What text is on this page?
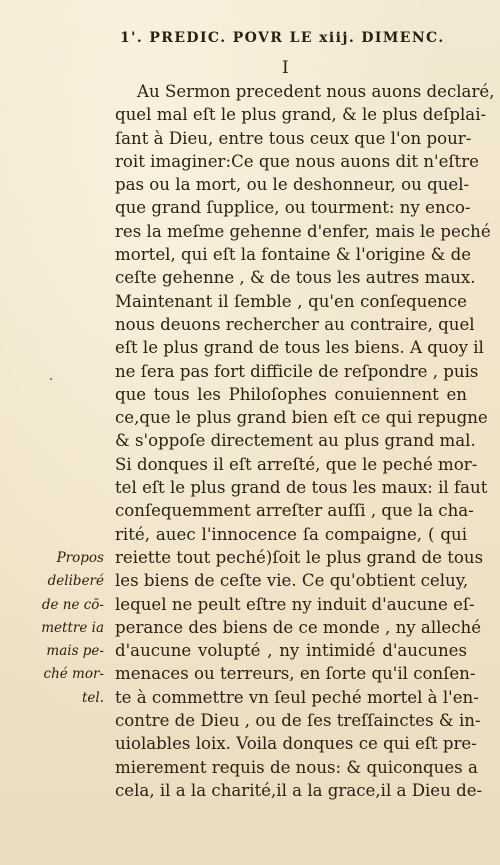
1'. PREDIC. POVR LE xiij. DIMENC.
I
Au Sermon precedent nous auons declaré,
quel mal eſt le plus grand, & le plus deſplai-
ſant à Dieu, entre tous ceux que l'on pour-
roit imaginer:Ce que nous auons dit n'eſtre
pas ou la mort, ou le deshonneur, ou quel-
que grand ſupplice, ou tourment: ny enco-
res la meſme gehenne d'enfer, mais le peché
mortel, qui eſt la fontaine & l'origine & de
ceſte gehenne , & de tous les autres maux.
Maintenant il ſemble , qu'en conſequence
nous deuons rechercher au contraire, quel
eſt le plus grand de tous les biens. A quoy il
ne ſera pas fort difficile de reſpondre , puis
que tous les Philoſophes conuiennent en
ce,que le plus grand bien eſt ce qui repugne
& s'oppoſe directement au plus grand mal.
Si donques il eſt arreſté, que le peché mor-
tel eſt le plus grand de tous les maux: il faut
conſequemment arreſter auſſi , que la cha-
rité, auec l'innocence ſa compaigne, ( qui
reiette tout peché)ſoit le plus grand de tous
les biens de ceſte vie. Ce qu'obtient celuy,
lequel ne peult eſtre ny induit d'aucune eſ-
perance des biens de ce monde , ny alleché
d'aucune volupté , ny intimidé d'aucunes
menaces ou terreurs, en ſorte qu'il conſen-
te à commettre vn ſeul peché mortel à l'en-
contre de Dieu , ou de ſes treſſainctes & in-
uiolables loix. Voila donques ce qui eſt pre-
mierement requis de nous: & quiconques a
cela, il a la charité,il a la grace,il a Dieu de-
Propos
deliberé
de ne cō-
mettre ia
mais pe-
ché mor-
tel.
